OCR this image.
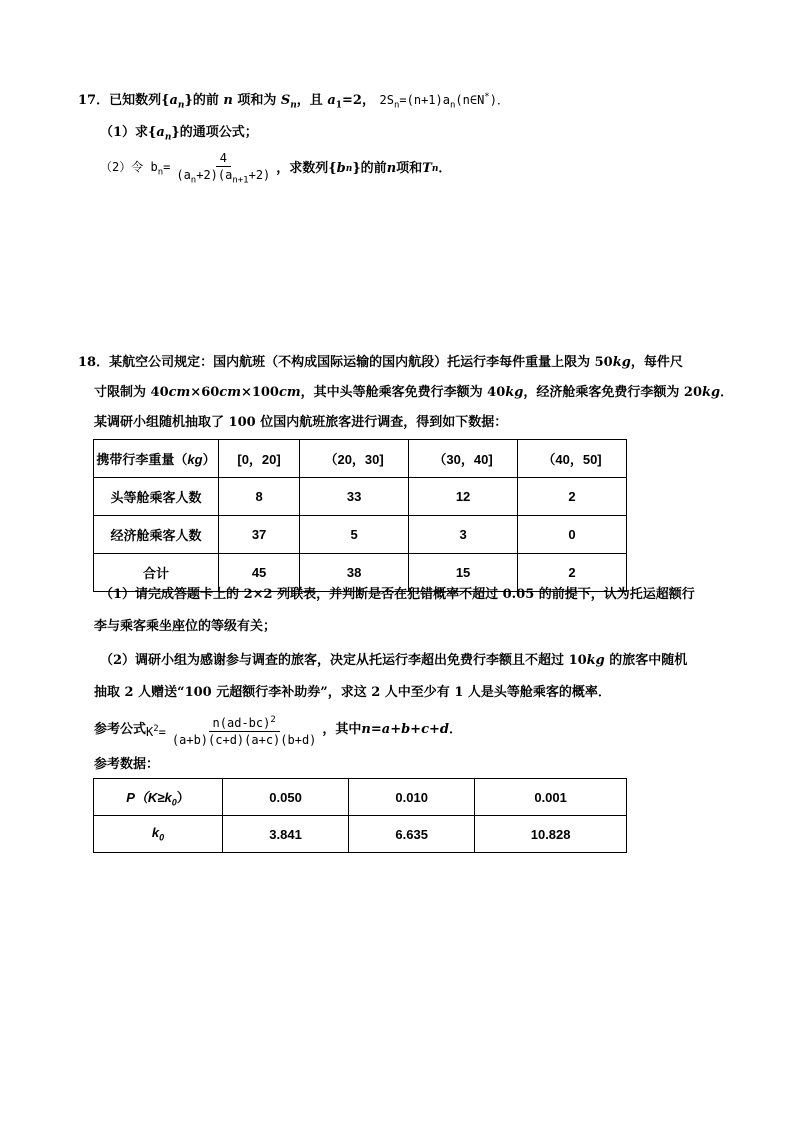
17．已知数列$\{a_n\}$的前 n 项和为 $S_n$，且 $a_1=2$， $2S_n=(n+1)a_n(n\in N^*)$．
（1）求$\{a_n\}$的通项公式；
（2）令 $b_n= \frac{4}{(a_n+2)(a_{n+1}+2)}$ ，求数列{ b n }的前 n 项和 T n ．
18．某航空公司规定：国内航班（不构成国际运输的国内航段）托运行李每件重量上限为 50kg，每件尺
寸限制为 40cm×60cm×100cm，其中头等舱乘客免费行李额为 40kg，经济舱乘客免费行李额为 20kg．
某调研小组随机抽取了 100 位国内航班旅客进行调查，得到如下数据：
携带行李重量（kg）	[0，20]	（20，30]	（30，40]	（40，50]
头等舱乘客人数	8	33	12	2
经济舱乘客人数	37	5	3	0
合计	45	38	15	2
（1）请完成答题卡上的 2×2 列联表，并判断是否在犯错概率不超过 0.05 的前提下，认为托运超额行
李与乘客乘坐座位的等级有关；
（2）调研小组为感谢参与调查的旅客，决定从托运行李超出免费行李额且不超过 10kg 的旅客中随机
抽取 2 人赠送“100 元超额行李补助券”，求这 2 人中至少有 1 人是头等舱乘客的概率．
参考公式 $K^2= \frac{n(ad-bc)^2}{(a+b)(c+d)(a+c)(b+d)}$ ，其中 n=a+b+c+d ．
参考数据：
$P(K\ge k_0)$	0.050	0.010	0.001
$k_0$	3.841	6.635	10.828
